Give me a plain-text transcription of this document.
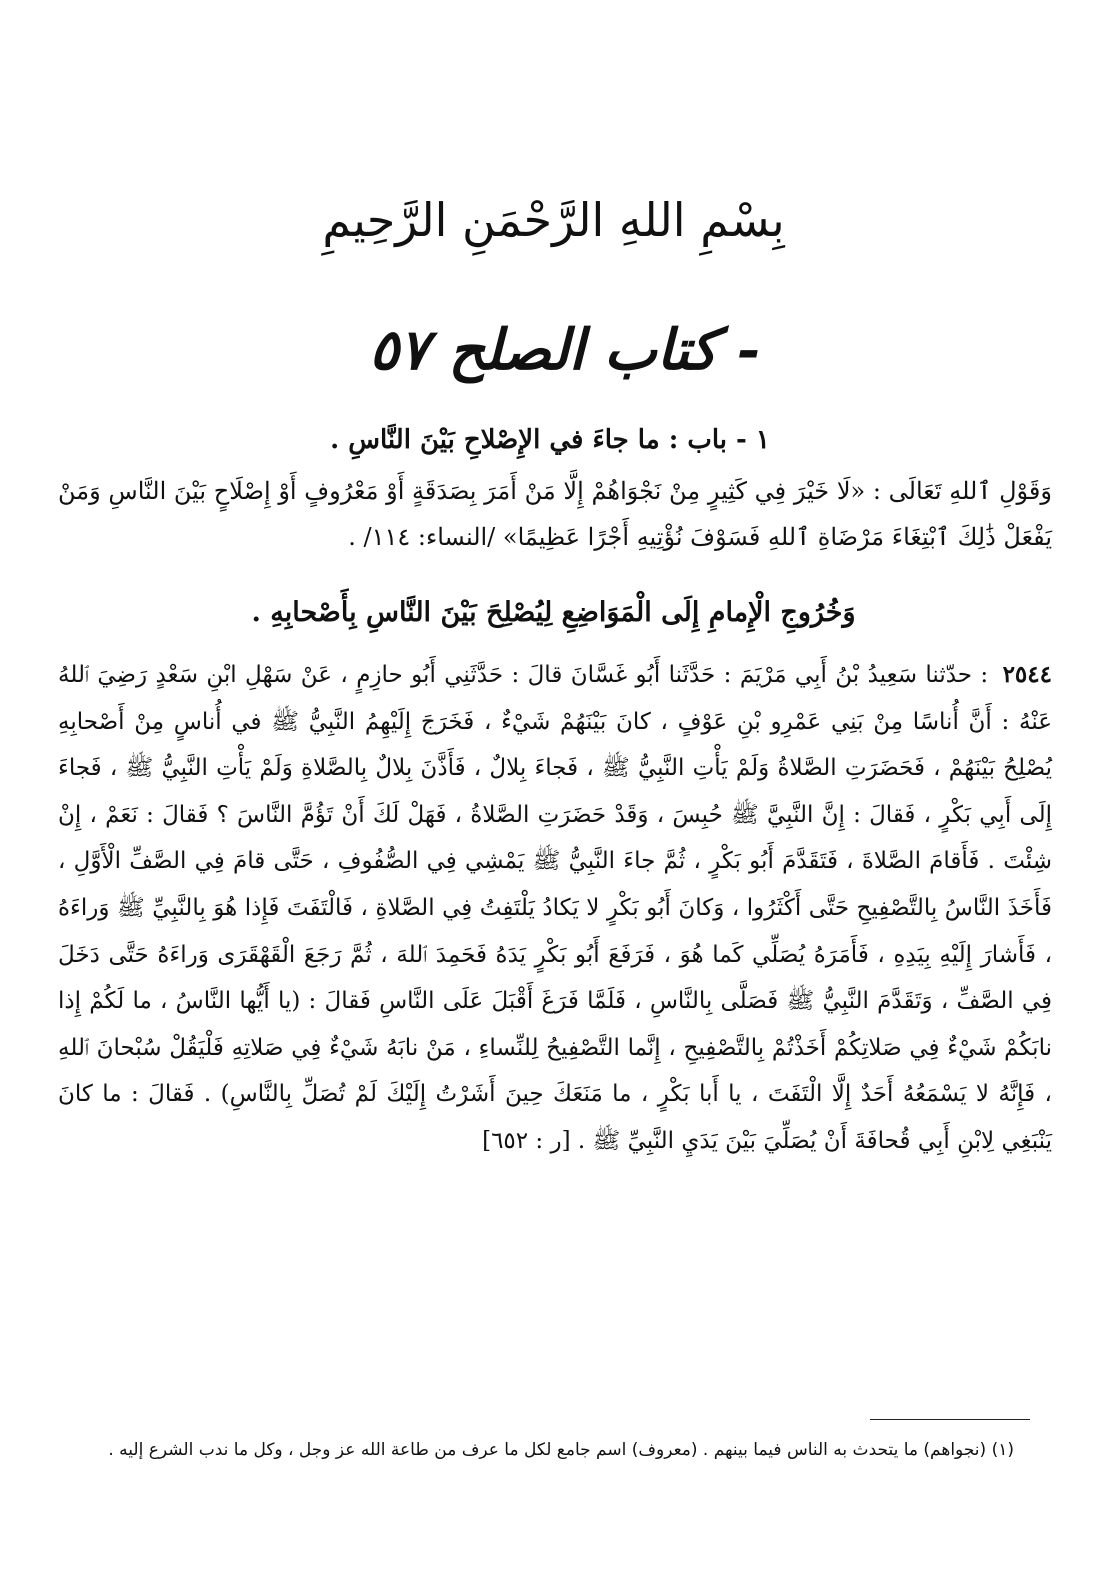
بِسْمِ اللهِ الرَّحْمَنِ الرَّحِيمِ
كتاب الصلح ٥٧ -
١ - باب : ما جاءَ في الإِصْلاحِ بَيْنَ النَّاسِ .
وَقَوْلِ ٱللهِ تَعَالَى : «لَا خَيْرَ فِي كَثِيرٍ مِنْ نَجْوَاهُمْ إِلَّا مَنْ أَمَرَ بِصَدَقَةٍ أَوْ مَعْرُوفٍ أَوْ إِصْلَاحٍ بَيْنَ النَّاسِ وَمَنْ يَفْعَلْ ذَٰلِكَ ٱبْتِغَاءَ مَرْضَاةِ ٱللهِ فَسَوْفَ نُؤْتِيهِ أَجْرًا عَظِيمًا» /النساء: ١١٤/ .
وَخُرُوجِ الْإِمامِ إِلَى الْمَوَاضِعِ لِيُصْلِحَ بَيْنَ النَّاسِ بِأَصْحابِهِ .
٢٥٤٤ : حدّثنا سَعِيدُ بْنُ أَبِي مَرْيَمَ : حَدَّثَنا أَبُو غَسَّانَ قالَ : حَدَّثَنِي أَبُو حازِمٍ ، عَنْ سَهْلِ ابْنِ سَعْدٍ رَضِيَ ٱللهُ عَنْهُ : أَنَّ أُناسًا مِنْ بَنِي عَمْرِو بْنِ عَوْفٍ ، كانَ بَيْنَهُمْ شَيْءٌ ، فَخَرَجَ إِلَيْهِمُ النَّبِيُّ ﷺ في أُناسٍ مِنْ أَصْحابِهِ يُصْلِحُ بَيْنَهُمْ ، فَحَضَرَتِ الصَّلاةُ وَلَمْ يَأْتِ النَّبِيُّ ﷺ ، فَجاءَ بِلالٌ ، فَأَذَّنَ بِلالٌ بِالصَّلاةِ وَلَمْ يَأْتِ النَّبِيُّ ﷺ ، فَجاءَ إِلَى أَبِي بَكْرٍ ، فَقالَ : إِنَّ النَّبِيَّ ﷺ حُبِسَ ، وَقَدْ حَضَرَتِ الصَّلاةُ ، فَهَلْ لَكَ أَنْ تَؤُمَّ النَّاسَ ؟ فَقالَ : نَعَمْ ، إِنْ شِئْتَ . فَأَقامَ الصَّلاةَ ، فَتَقَدَّمَ أَبُو بَكْرٍ ، ثُمَّ جاءَ النَّبِيُّ ﷺ يَمْشِي فِي الصُّفُوفِ ، حَتَّى قامَ فِي الصَّفِّ الْأَوَّلِ ، فَأَخَذَ النَّاسُ بِالتَّصْفِيحِ حَتَّى أَكْثَرُوا ، وَكانَ أَبُو بَكْرٍ لا يَكادُ يَلْتَفِتُ فِي الصَّلاةِ ، فَالْتَفَتَ فَإِذا هُوَ بِالنَّبِيِّ ﷺ وَراءَهُ ، فَأَشارَ إِلَيْهِ بِيَدِهِ ، فَأَمَرَهُ يُصَلِّي كَما هُوَ ، فَرَفَعَ أَبُو بَكْرٍ يَدَهُ فَحَمِدَ ٱللهَ ، ثُمَّ رَجَعَ الْقَهْقَرَى وَراءَهُ حَتَّى دَخَلَ فِي الصَّفِّ ، وَتَقَدَّمَ النَّبِيُّ ﷺ فَصَلَّى بِالنَّاسِ ، فَلَمَّا فَرَغَ أَقْبَلَ عَلَى النَّاسِ فَقالَ : (يا أَيُّها النَّاسُ ، ما لَكُمْ إِذا نابَكُمْ شَيْءٌ فِي صَلاتِكُمْ أَخَذْتُمْ بِالتَّصْفِيحِ ، إِنَّما التَّصْفِيحُ لِلنِّساءِ ، مَنْ نابَهُ شَيْءٌ فِي صَلاتِهِ فَلْيَقُلْ سُبْحانَ ٱللهِ ، فَإِنَّهُ لا يَسْمَعُهُ أَحَدٌ إِلَّا الْتَفَتَ ، يا أَبا بَكْرٍ ، ما مَنَعَكَ حِينَ أَشَرْتُ إِلَيْكَ لَمْ تُصَلِّ بِالنَّاسِ) . فَقالَ : ما كانَ يَنْبَغِي لِابْنِ أَبِي قُحافَةَ أَنْ يُصَلِّيَ بَيْنَ يَدَيِ النَّبِيِّ ﷺ . [ر : ٦٥٢]
(١) (نجواهم) ما يتحدث به الناس فيما بينهم . (معروف) اسم جامع لكل ما عرف من طاعة الله عز وجل ، وكل ما ندب الشرع إليه .
